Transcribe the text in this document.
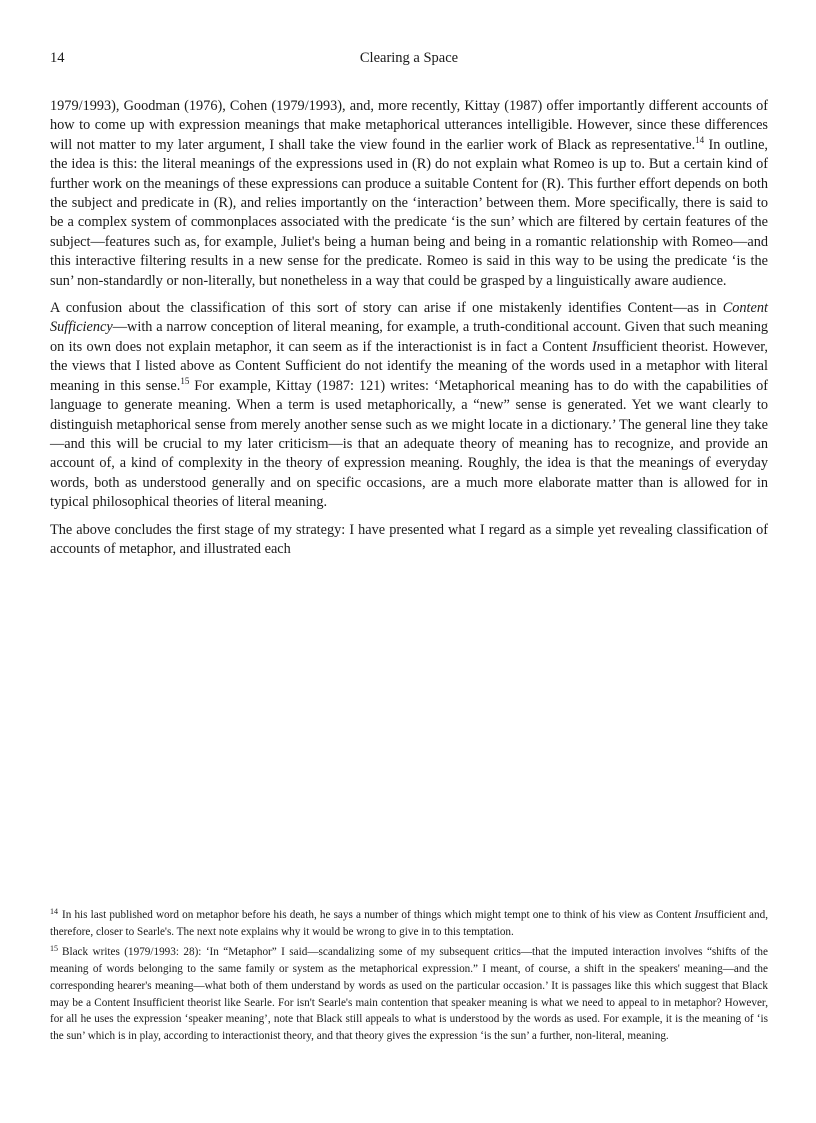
14	Clearing a Space

1979/1993), Goodman (1976), Cohen (1979/1993), and, more recently, Kittay (1987) offer importantly different accounts of how to come up with expression meanings that make metaphorical utterances intelligible. However, since these differences will not matter to my later argument, I shall take the view found in the earlier work of Black as representative.$^{14}$ In outline, the idea is this: the literal meanings of the expressions used in (R) do not explain what Romeo is up to. But a certain kind of further work on the meanings of these expressions can produce a suitable Content for (R). This further effort depends on both the subject and predicate in (R), and relies importantly on the ‘interaction’ between them. More specifically, there is said to be a complex system of commonplaces associated with the predicate ‘is the sun’ which are filtered by certain features of the subject—features such as, for example, Juliet's being a human being and being in a romantic relationship with Romeo—and this interactive filtering results in a new sense for the predicate. Romeo is said in this way to be using the predicate ‘is the sun’ non-standardly or non-literally, but nonetheless in a way that could be grasped by a linguistically aware audience.

A confusion about the classification of this sort of story can arise if one mistakenly identifies Content—as in Content Sufficiency—with a narrow conception of literal meaning, for example, a truth-conditional account. Given that such meaning on its own does not explain metaphor, it can seem as if the interactionist is in fact a Content Insufficient theorist. However, the views that I listed above as Content Sufficient do not identify the meaning of the words used in a metaphor with literal meaning in this sense.$^{15}$ For example, Kittay (1987: 121) writes: ‘Metaphorical meaning has to do with the capabilities of language to generate meaning. When a term is used metaphorically, a “new” sense is generated. Yet we want clearly to distinguish metaphorical sense from merely another sense such as we might locate in a dictionary.’ The general line they take—and this will be crucial to my later criticism—is that an adequate theory of meaning has to recognize, and provide an account of, a kind of complexity in the theory of expression meaning. Roughly, the idea is that the meanings of everyday words, both as understood generally and on specific occasions, are a much more elaborate matter than is allowed for in typical philosophical theories of literal meaning.

The above concludes the first stage of my strategy: I have presented what I regard as a simple yet revealing classification of accounts of metaphor, and illustrated each

$^{14}$ In his last published word on metaphor before his death, he says a number of things which might tempt one to think of his view as Content Insufficient and, therefore, closer to Searle's. The next note explains why it would be wrong to give in to this temptation.

$^{15}$ Black writes (1979/1993: 28): ‘In “Metaphor” I said—scandalizing some of my subsequent critics—that the imputed interaction involves “shifts of the meaning of words belonging to the same family or system as the metaphorical expression.” I meant, of course, a shift in the speakers' meaning—and the corresponding hearer's meaning—what both of them understand by words as used on the particular occasion.’ It is passages like this which suggest that Black may be a Content Insufficient theorist like Searle. For isn't Searle's main contention that speaker meaning is what we need to appeal to in metaphor? However, for all he uses the expression ‘speaker meaning’, note that Black still appeals to what is understood by the words as used. For example, it is the meaning of ‘is the sun’ which is in play, according to interactionist theory, and that theory gives the expression ‘is the sun’ a further, non-literal, meaning.
